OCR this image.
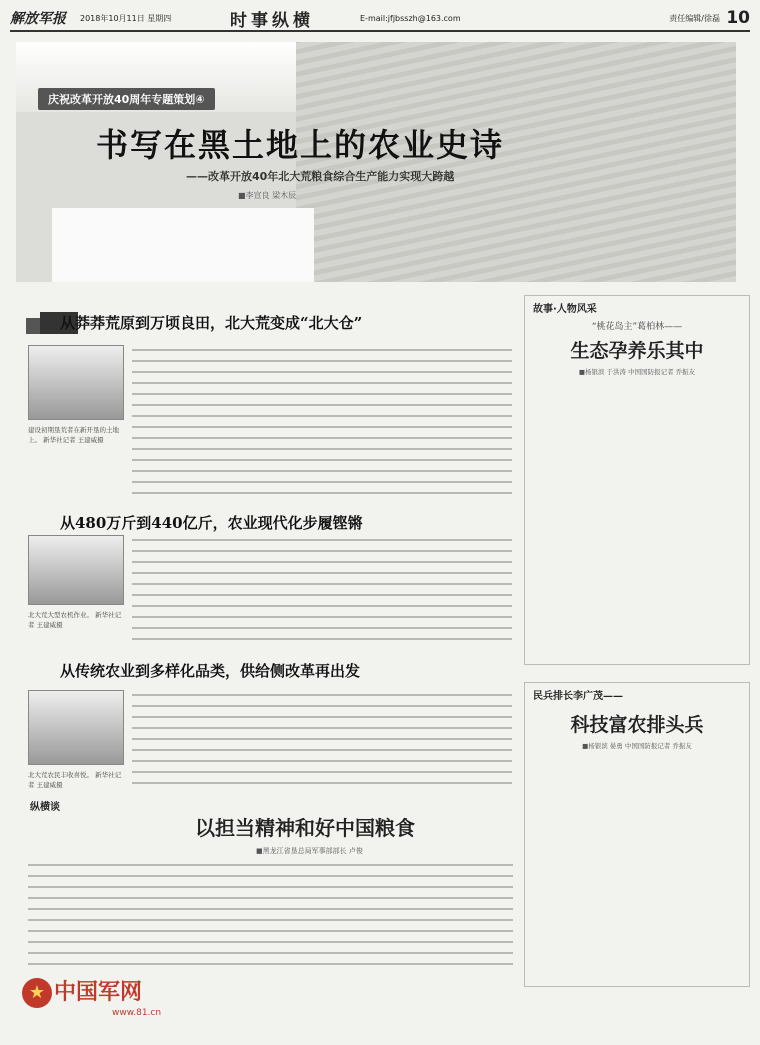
解放军报	2018年10月11日 星期四	时事纵横	E-mail:jfjbsszh@163.com	责任编辑/徐磊 10
庆祝改革开放40周年专题策划④
书写在黑土地上的农业史诗
——改革开放40年北大荒粮食综合生产能力实现大跨越
■李宣良 梁木辰
从莽莽荒原到万顷良田，北大荒变成“北大仓”
建设初期垦荒者在新开垦的土地上。 新华社记者 王建威摄
从480万斤到440亿斤，农业现代化步履铿锵
北大荒大型农机作业。 新华社记者 王建威摄
从传统农业到多样化品类，供给侧改革再出发
北大荒农民丰收喜悦。 新华社记者 王建威摄
故事·人物风采
“桃花岛主”葛柏林——
生态孕养乐其中
■杨银滨 于洪涛 中国国防报记者 乔振友
民兵排长李广茂——
科技富农排头兵
■杨银滨 晏勇 中国国防报记者 乔振友
纵横谈
以担当精神和好中国粮食
■黑龙江省垦总局军事部部长 卢俊
★ 中国军网
www.81.cn
